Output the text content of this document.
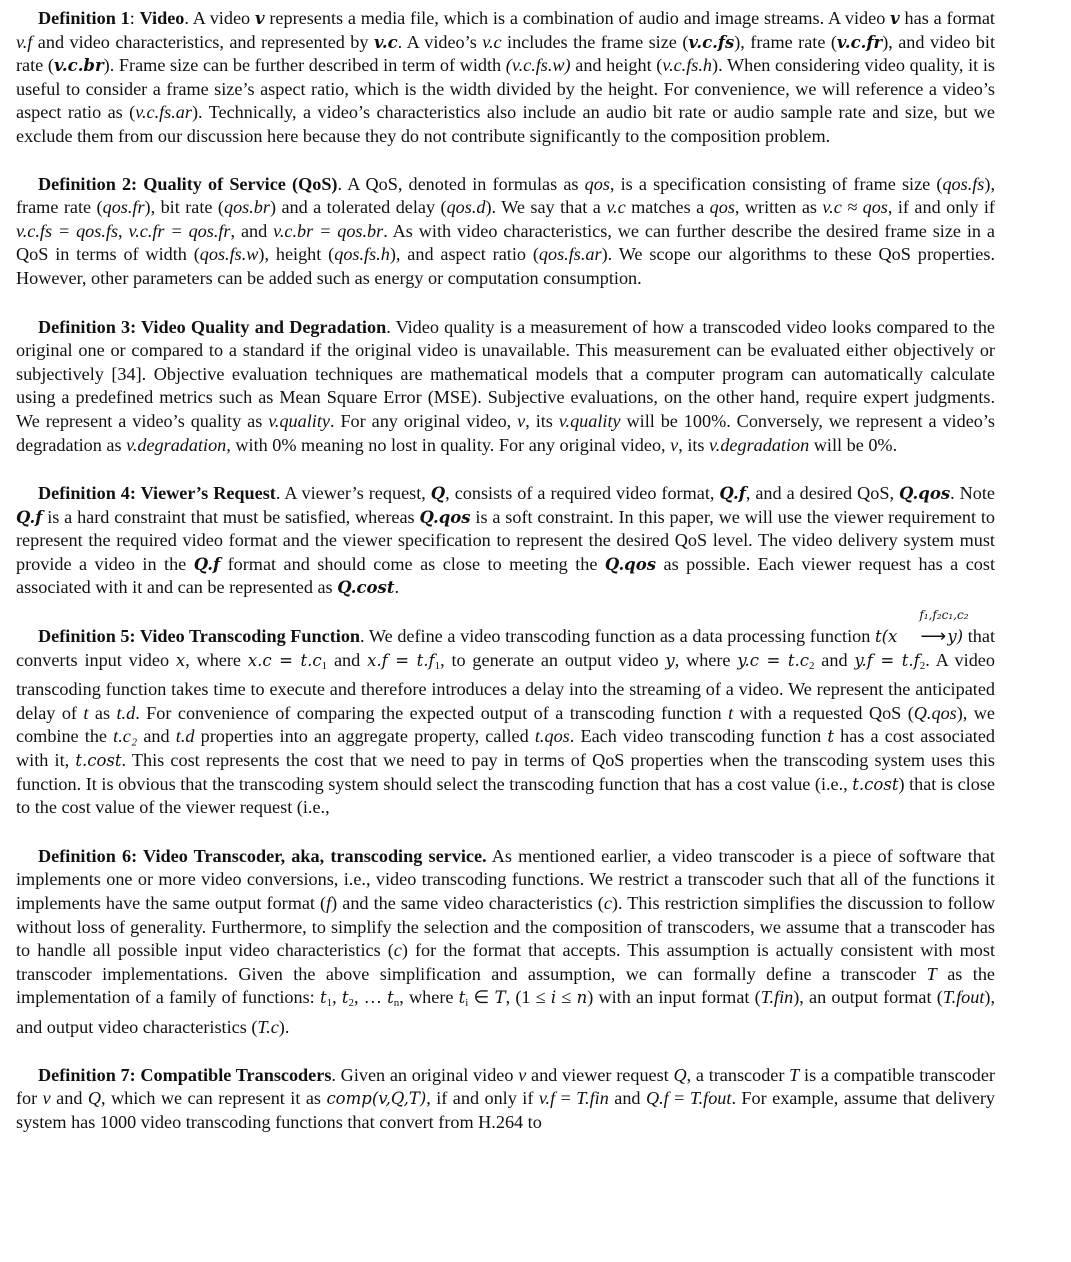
Definition 1: Video. A video v represents a media file, which is a combination of audio and image streams. A video v has a format v.f and video characteristics, and represented by v.c. A video’s v.c includes the frame size (v.c.fs), frame rate (v.c.fr), and video bit rate (v.c.br). Frame size can be further described in term of width (v.c.fs.w) and height (v.c.fs.h). When considering video quality, it is useful to consider a frame size’s aspect ratio, which is the width divided by the height. For convenience, we will reference a video’s aspect ratio as (v.c.fs.ar). Technically, a video’s characteristics also include an audio bit rate or audio sample rate and size, but we exclude them from our discussion here because they do not contribute significantly to the composition problem.

Definition 2: Quality of Service (QoS). A QoS, denoted in formulas as qos, is a specification consisting of frame size (qos.fs), frame rate (qos.fr), bit rate (qos.br) and a tolerated delay (qos.d). We say that a v.c matches a qos, written as v.c ≈ qos, if and only if v.c.fs = qos.fs, v.c.fr = qos.fr, and v.c.br = qos.br. As with video characteristics, we can further describe the desired frame size in a QoS in terms of width (qos.fs.w), height (qos.fs.h), and aspect ratio (qos.fs.ar). We scope our algorithms to these QoS properties. However, other parameters can be added such as energy or computation consumption.

Definition 3: Video Quality and Degradation. Video quality is a measurement of how a transcoded video looks compared to the original one or compared to a standard if the original video is unavailable. This measurement can be evaluated either objectively or subjectively [34]. Objective evaluation techniques are mathematical models that a computer program can automatically calculate using a predefined metrics such as Mean Square Error (MSE). Subjective evaluations, on the other hand, require expert judgments. We represent a video’s quality as v.quality. For any original video, v, its v.quality will be 100%. Conversely, we represent a video’s degradation as v.degradation, with 0% meaning no lost in quality. For any original video, v, its v.degradation will be 0%.

Definition 4: Viewer’s Request. A viewer’s request, Q, consists of a required video format, Q.f, and a desired QoS, Q.qos. Note Q.f is a hard constraint that must be satisfied, whereas Q.qos is a soft constraint. In this paper, we will use the viewer requirement to represent the required video format and the viewer specification to represent the desired QoS level. The video delivery system must provide a video in the Q.f format and should come as close to meeting the Q.qos as possible. Each viewer request has a cost associated with it and can be represented as Q.cost.

Definition 5: Video Transcoding Function. We define a video transcoding function as a data processing function t(x
f₁,f₂c₁,c₂
⟶y) that converts input video x, where $x.c = t.c_1$ and $x.f = t.f_1$, to generate an output video y, where $y.c = t.c_2$ and $y.f = t.f_2$. A video transcoding function takes time to execute and therefore introduces a delay into the streaming of a video. We represent the anticipated delay of t as t.d. For convenience of comparing the expected output of a transcoding function t with a requested QoS (Q.qos), we combine the t.c₂ and t.d properties into an aggregate property, called t.qos. Each video transcoding function t has a cost associated with it, t.cost. This cost represents the cost that we need to pay in terms of QoS properties when the transcoding system uses this function. It is obvious that the transcoding system should select the transcoding function that has a cost value (i.e., t.cost) that is close to the cost value of the viewer request (i.e.,

Definition 6: Video Transcoder, aka, transcoding service. As mentioned earlier, a video transcoder is a piece of software that implements one or more video conversions, i.e., video transcoding functions. We restrict a transcoder such that all of the functions it implements have the same output format (f) and the same video characteristics (c). This restriction simplifies the discussion to follow without loss of generality. Furthermore, to simplify the selection and the composition of transcoders, we assume that a transcoder has to handle all possible input video characteristics (c) for the format that accepts. This assumption is actually consistent with most transcoder implementations. Given the above simplification and assumption, we can formally define a transcoder T as the implementation of a family of functions: $t_1$, $t_2$, … $t_n$, where $t_i$ ∈ T, (1 ≤ i ≤ n) with an input format (T.fin), an output format (T.fout), and output video characteristics (T.c).

Definition 7: Compatible Transcoders. Given an original video v and viewer request Q, a transcoder T is a compatible transcoder for v and Q, which we can represent it as comp(v,Q,T), if and only if v.f = T.fin and Q.f = T.fout. For example, assume that delivery system has 1000 video transcoding functions that convert from H.264 to
